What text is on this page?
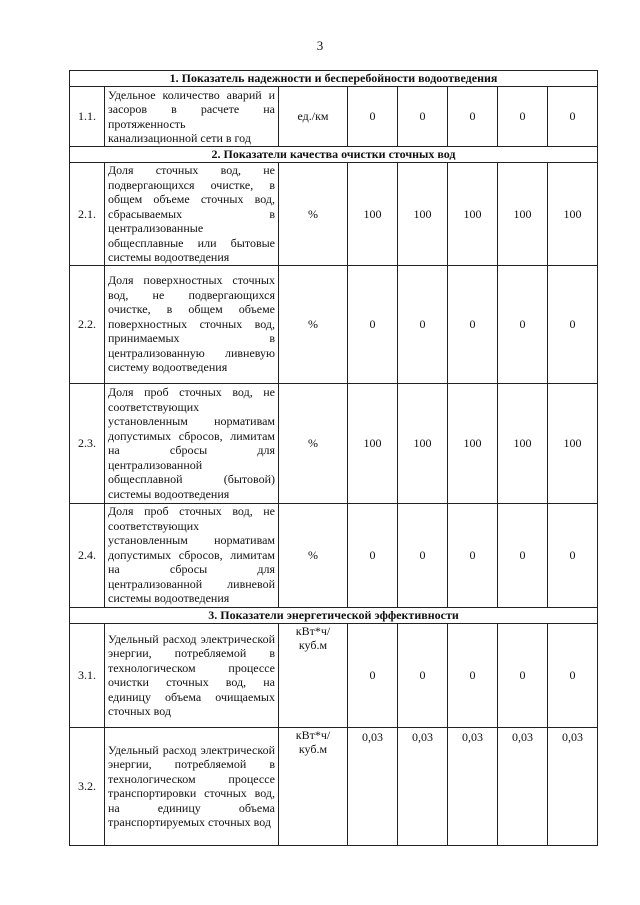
3
1. Показатель надежности и бесперебойности водоотведения							
1.1.	Удельное количество аварий и засоров в расчете на протяженность канализационной сети в год	ед./км	0	0	0	0	0
2. Показатели качества очистки сточных вод							
2.1.	Доля сточных вод, не подвергающихся очистке, в общем объеме сточных вод, сбрасываемых в централизованные общесплавные или бытовые системы водоотведения	%	100	100	100	100	100
2.2.	Доля поверхностных сточных вод, не подвергающихся очистке, в общем объеме поверхностных сточных вод, принимаемых в централизованную ливневую систему водоотведения	%	0	0	0	0	0
2.3.	Доля проб сточных вод, не соответствующих установленным нормативам допустимых сбросов, лимитам на сбросы для централизованной общесплавной (бытовой) системы водоотведения	%	100	100	100	100	100
2.4.	Доля проб сточных вод, не соответствующих установленным нормативам допустимых сбросов, лимитам на сбросы для централизованной ливневой системы водоотведения	%	0	0	0	0	0
3. Показатели энергетической эффективности							
3.1.	Удельный расход электрической энергии, потребляемой в технологическом процессе очистки сточных вод, на единицу объема очищаемых сточных вод	кВт*ч/ куб.м	0	0	0	0	0
3.2.	Удельный расход электрической энергии, потребляемой в технологическом процессе транспортировки сточных вод, на единицу объема транспортируемых сточных вод	кВт*ч/ куб.м	0,03	0,03	0,03	0,03	0,03
